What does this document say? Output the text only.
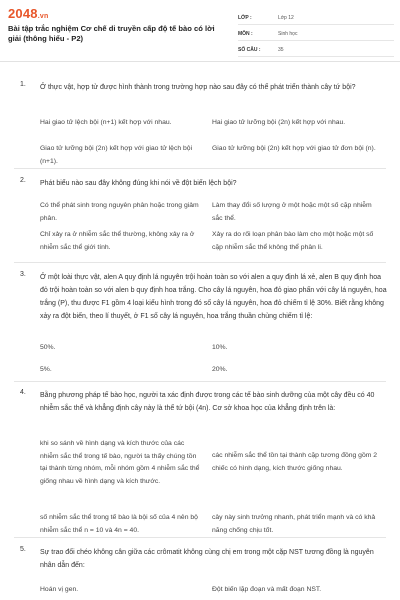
2048.vn
Bài tập trắc nghiệm Cơ chế di truyền cấp độ tế bào có lời giải (thông hiểu - P2)
LỚP :	Lớp 12
MÔN :	Sinh học
SỐ CÂU :	35
1. Ở thực vật, hợp tử được hình thành trong trường hợp nào sau đây có thể phát triển thành cây tứ bội?
Hai giao tử lệch bội (n+1) kết hợp với nhau.	Hai giao tử lưỡng bội (2n) kết hợp với nhau.
Giao tử lưỡng bội (2n) kết hợp với giao tử lệch bội (n+1).
Giao tử lưỡng bội (2n) kết hợp với giao tử đơn bội (n).
2. Phát biểu nào sau đây không đúng khi nói về đột biến lệch bội?
Có thể phát sinh trong nguyên phân hoặc trong giảm phân.
Làm thay đổi số lượng ở một hoặc một số cặp nhiễm sắc thể.
Chỉ xảy ra ở nhiễm sắc thể thường, không xảy ra ở nhiễm sắc thể giới tính.
Xảy ra do rối loạn phân bào làm cho một hoặc một số cặp nhiễm sắc thể không thể phân li.
3. Ở một loài thực vật, alen A quy định lá nguyên trội hoàn toàn so với alen a quy định lá xẻ, alen B quy định hoa đỏ trội hoàn toàn so với alen b quy định hoa trắng. Cho cây lá nguyên, hoa đỏ giao phấn với cây lá nguyên, hoa trắng (P), thu được F1 gồm 4 loại kiểu hình trong đó số cây lá nguyên, hoa đỏ chiếm tỉ lệ 30%. Biết rằng không xảy ra đột biến, theo lí thuyết, ở F1 số cây lá nguyên, hoa trắng thuần chủng chiếm tỉ lệ:
50%.	10%.
5%.	20%.
4. Bằng phương pháp tế bào học, người ta xác định được trong các tế bào sinh dưỡng của một cây đều có 40 nhiễm sắc thể và khẳng định cây này là thể tứ bội (4n). Cơ sở khoa học của khẳng định trên là:
khi so sánh về hình dạng và kích thước của các nhiễm sắc thể trong tế bào, người ta thấy chúng tồn tại thành từng nhóm, mỗi nhóm gồm 4 nhiễm sắc thể giống nhau về hình dạng và kích thước.
các nhiễm sắc thể tồn tại thành cặp tương đồng gồm 2 chiếc có hình dạng, kích thước giống nhau.
số nhiễm sắc thể trong tế bào là bội số của 4 nên bộ nhiễm sắc thể n = 10 và 4n = 40.
cây này sinh trưởng nhanh, phát triển mạnh và có khả năng chống chịu tốt.
5. Sự trao đổi chéo không cân giữa các crômatit không cùng chị em trong một cặp NST tương đồng là nguyên nhân dẫn đến:
Hoán vị gen.	Đột biến lặp đoạn và mất đoạn NST.
